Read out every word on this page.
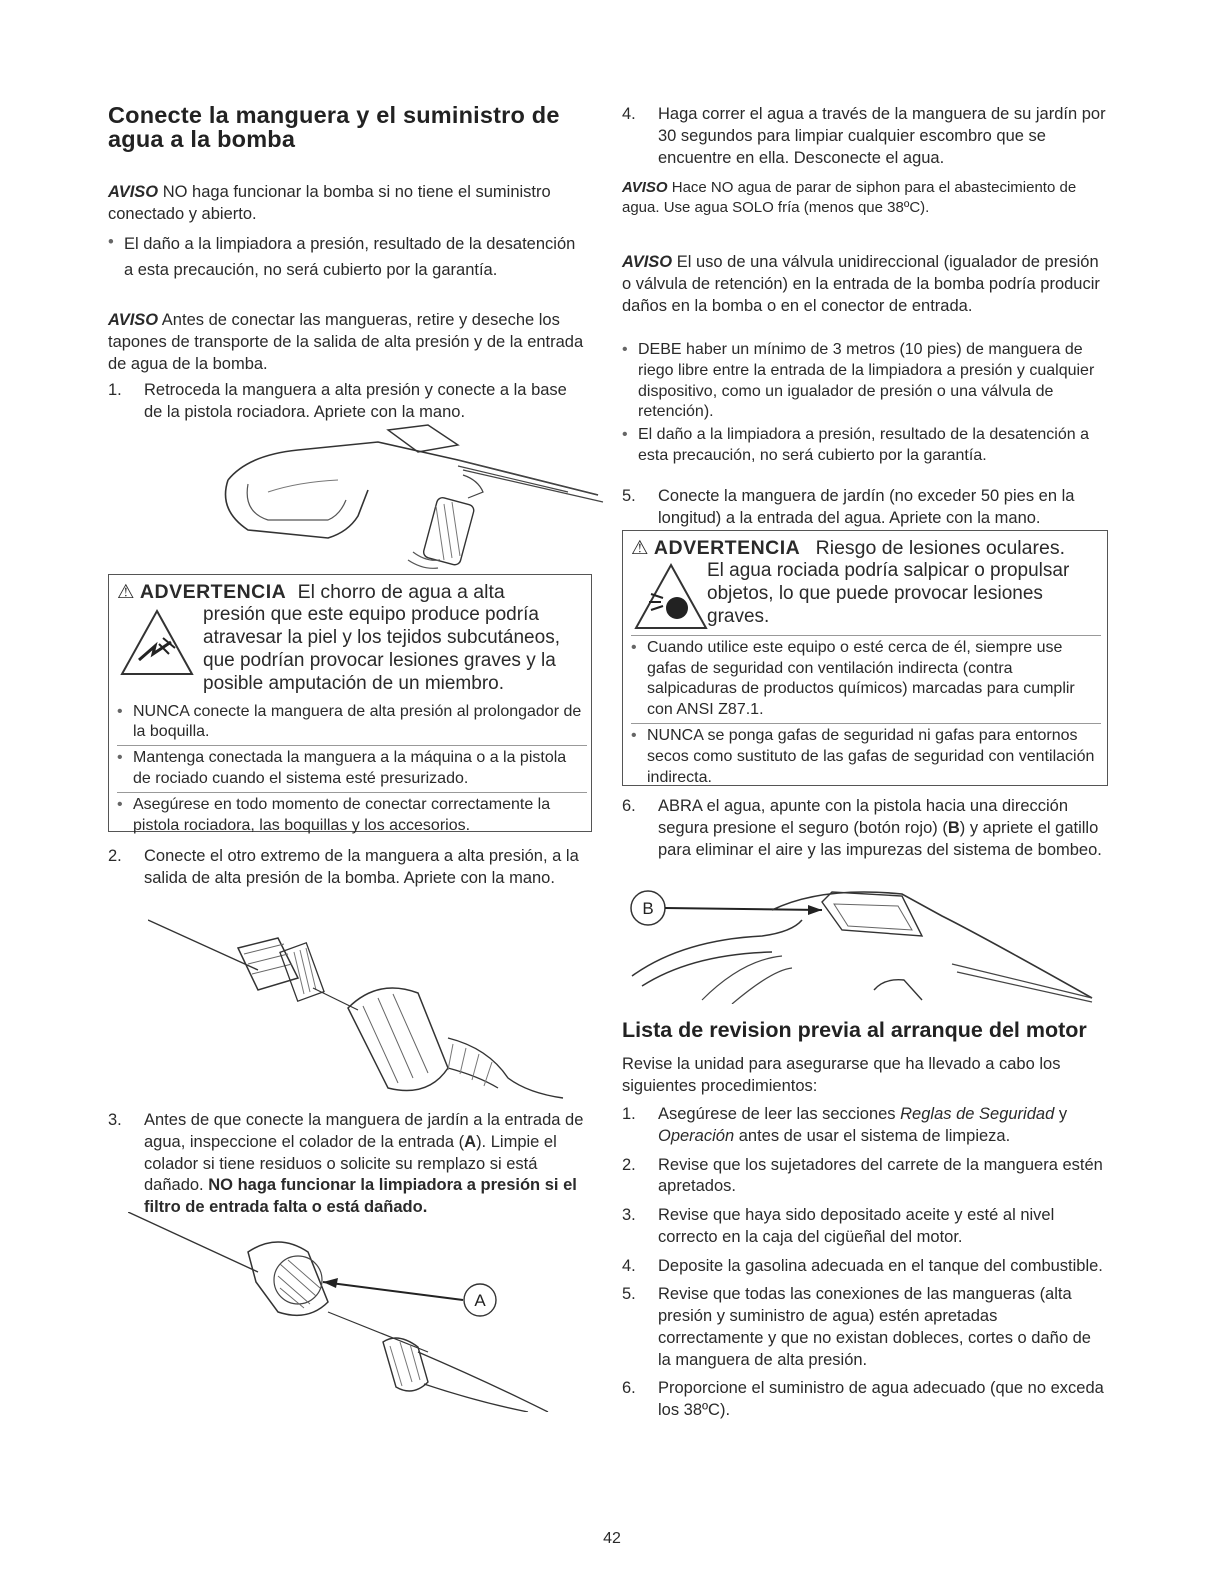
Conecte la manguera y el suministro de agua a la bomba

AVISO NO haga funcionar la bomba si no tiene el suministro conectado y abierto.

• El daño a la limpiadora a presión, resultado de la desatención a esta precaución, no será cubierto por la garantía.

AVISO Antes de conectar las mangueras, retire y deseche los tapones de transporte de la salida de alta presión y de la entrada de agua de la bomba.

1.	Retroceda la manguera a alta presión y conecte a la base de la pistola rociadora. Apriete con la mano.
⚠ ADVERTENCIA El chorro de agua a alta
presión que este equipo produce podría atravesar la piel y los tejidos subcutáneos, que podrían provocar lesiones graves y la posible amputación de un miembro.
• NUNCA conecte la manguera de alta presión al prolongador de la boquilla.
• Mantenga conectada la manguera a la máquina o a la pistola de rociado cuando el sistema esté presurizado.
• Asegúrese en todo momento de conectar correctamente la pistola rociadora, las boquillas y los accesorios.
2.	Conecte el otro extremo de la manguera a alta presión, a la salida de alta presión de la bomba. Apriete con la mano.
3.	Antes de que conecte la manguera de jardín a la entrada de agua, inspeccione el colador de la entrada (A). Limpie el colador si tiene residuos o solicite su remplazo si está dañado. NO haga funcionar la limpiadora a presión si el filtro de entrada falta o está dañado.
A
4.	Haga correr el agua a través de la manguera de su jardín por 30 segundos para limpiar cualquier escombro que se encuentre en ella. Desconecte el agua.

AVISO Hace NO agua de parar de siphon para el abastecimiento de agua. Use agua SOLO fría (menos que 38ºC).

AVISO El uso de una válvula unidireccional (igualador de presión o válvula de retención) en la entrada de la bomba podría producir daños en la bomba o en el conector de entrada.

• DEBE haber un mínimo de 3 metros (10 pies) de manguera de riego libre entre la entrada de la limpiadora a presión y cualquier dispositivo, como un igualador de presión o una válvula de retención).
• El daño a la limpiadora a presión, resultado de la desatención a esta precaución, no será cubierto por la garantía.
5.	Conecte la manguera de jardín (no exceder 50 pies en la longitud) a la entrada del agua. Apriete con la mano.
⚠ ADVERTENCIA Riesgo de lesiones oculares.
El agua rociada podría salpicar o propulsar objetos, lo que puede provocar lesiones graves.
• Cuando utilice este equipo o esté cerca de él, siempre use gafas de seguridad con ventilación indirecta (contra salpicaduras de productos químicos) marcadas para cumplir con ANSI Z87.1.
• NUNCA se ponga gafas de seguridad ni gafas para entornos secos como sustituto de las gafas de seguridad con ventilación indirecta.
6.	ABRA el agua, apunte con la pistola hacia una dirección segura presione el seguro (botón rojo) (B) y apriete el gatillo para eliminar el aire y las impurezas del sistema de bombeo.
B
Lista de revision previa al arranque del motor

Revise la unidad para asegurarse que ha llevado a cabo los siguientes procedimientos:

1.	Asegúrese de leer las secciones Reglas de Seguridad y Operación antes de usar el sistema de limpieza.
2.	Revise que los sujetadores del carrete de la manguera estén apretados.
3.	Revise que haya sido depositado aceite y esté al nivel correcto en la caja del cigüeñal del motor.
4.	Deposite la gasolina adecuada en el tanque del combustible.
5.	Revise que todas las conexiones de las mangueras (alta presión y suministro de agua) estén apretadas correctamente y que no existan dobleces, cortes o daño de la manguera de alta presión.
6.	Proporcione el suministro de agua adecuado (que no exceda los 38ºC).
42
